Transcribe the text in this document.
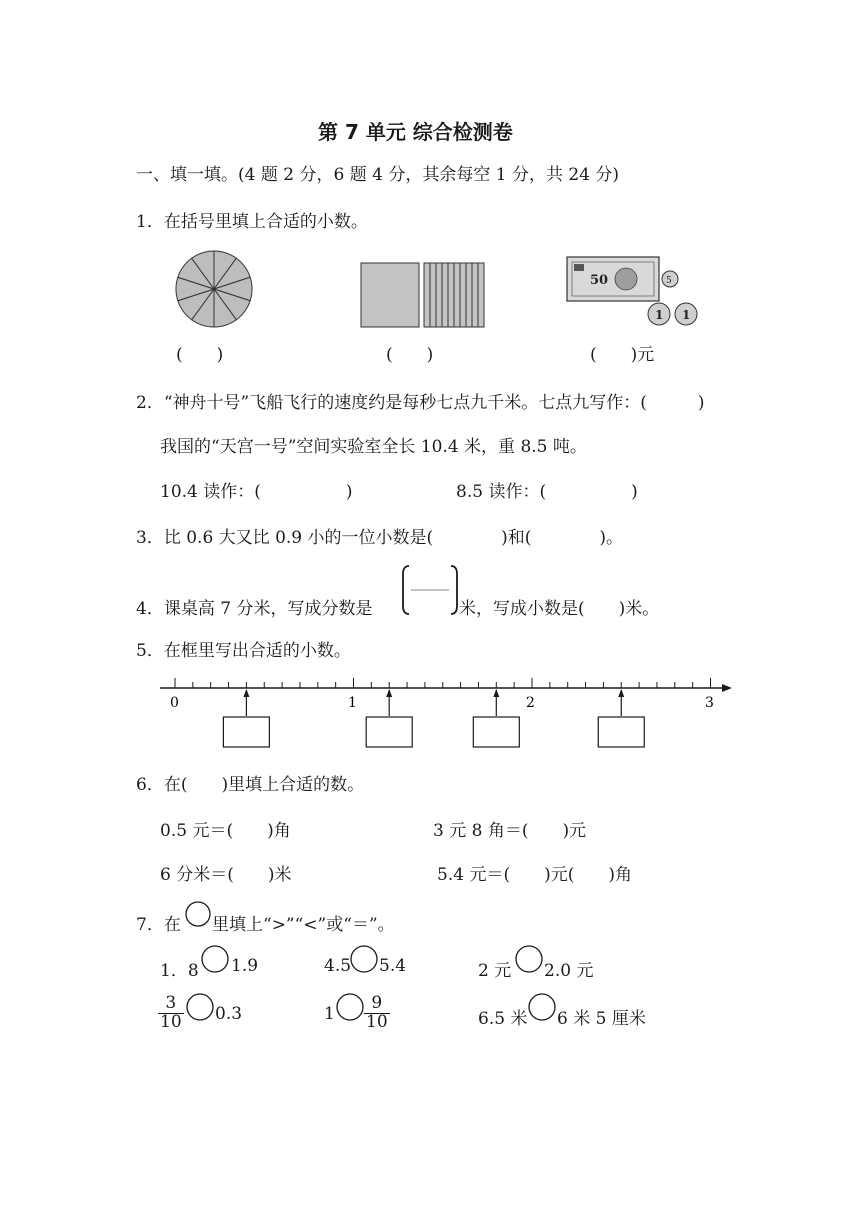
第 7 单元 综合检测卷
一、填一填。(4 题 2 分，6 题 4 分，其余每空 1 分，共 24 分)
1．在括号里填上合适的小数。
50	5
1 1
(　　)	(　　)	(　　)元
2．“神舟十号”飞船飞行的速度约是每秒七点九千米。七点九写作：(　　　)
我国的“天宫一号”空间实验室全长 10.4 米，重 8.5 吨。
10.4 读作：(　　　　　)	8.5 读作：(　　　　　)
3．比 0.6 大又比 0.9 小的一位小数是(　　　　)和(　　　　)。
4．课桌高 7 分米，写成分数是	米，写成小数是(　　)米。
5．在框里写出合适的小数。
0	1	2	3
6．在(　　)里填上合适的数。
0.5 元＝(　　)角	3 元 8 角＝(　　)元
6 分米＝(　　)米	5.4 元＝(　　)元(　　)角
7．在 里填上“>”“<”或“＝”。
1．8 1.9	4.5 5.4	2 元 2.0 元
$\frac{3}{10} 0.3$	$1 \frac{9}{10}$	6.5 米 6 米 5 厘米
